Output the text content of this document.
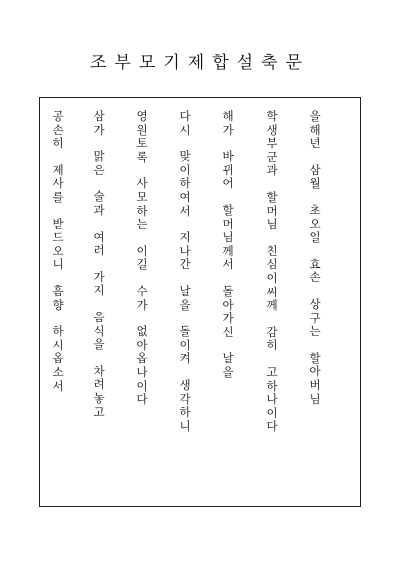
조부모기제합설축문
을
해
년
삼
월
초
오
일
효
손
상
구
는
할
아
버
님
학
생
부
군
과
할
머
님
친
심
이
씨
께
감
히
고
하
나
이
다
해
가
바
뀌
어
할
머
님
께
서
돌
아
가
신
날
을
다
시
맞
이
하
여
서
지
나
간
날
을
돌
이
켜
생
각
하
니
영
원
토
록
사
모
하
는
이
길
수
가
없
아
옵
나
이
다
삼
가
맑
은
술
과
여
러
가
지
음
식
을
차
려
놓
고
공
손
히
제
사
를
받
드
오
니
흠
향
하
시
옵
소
서
